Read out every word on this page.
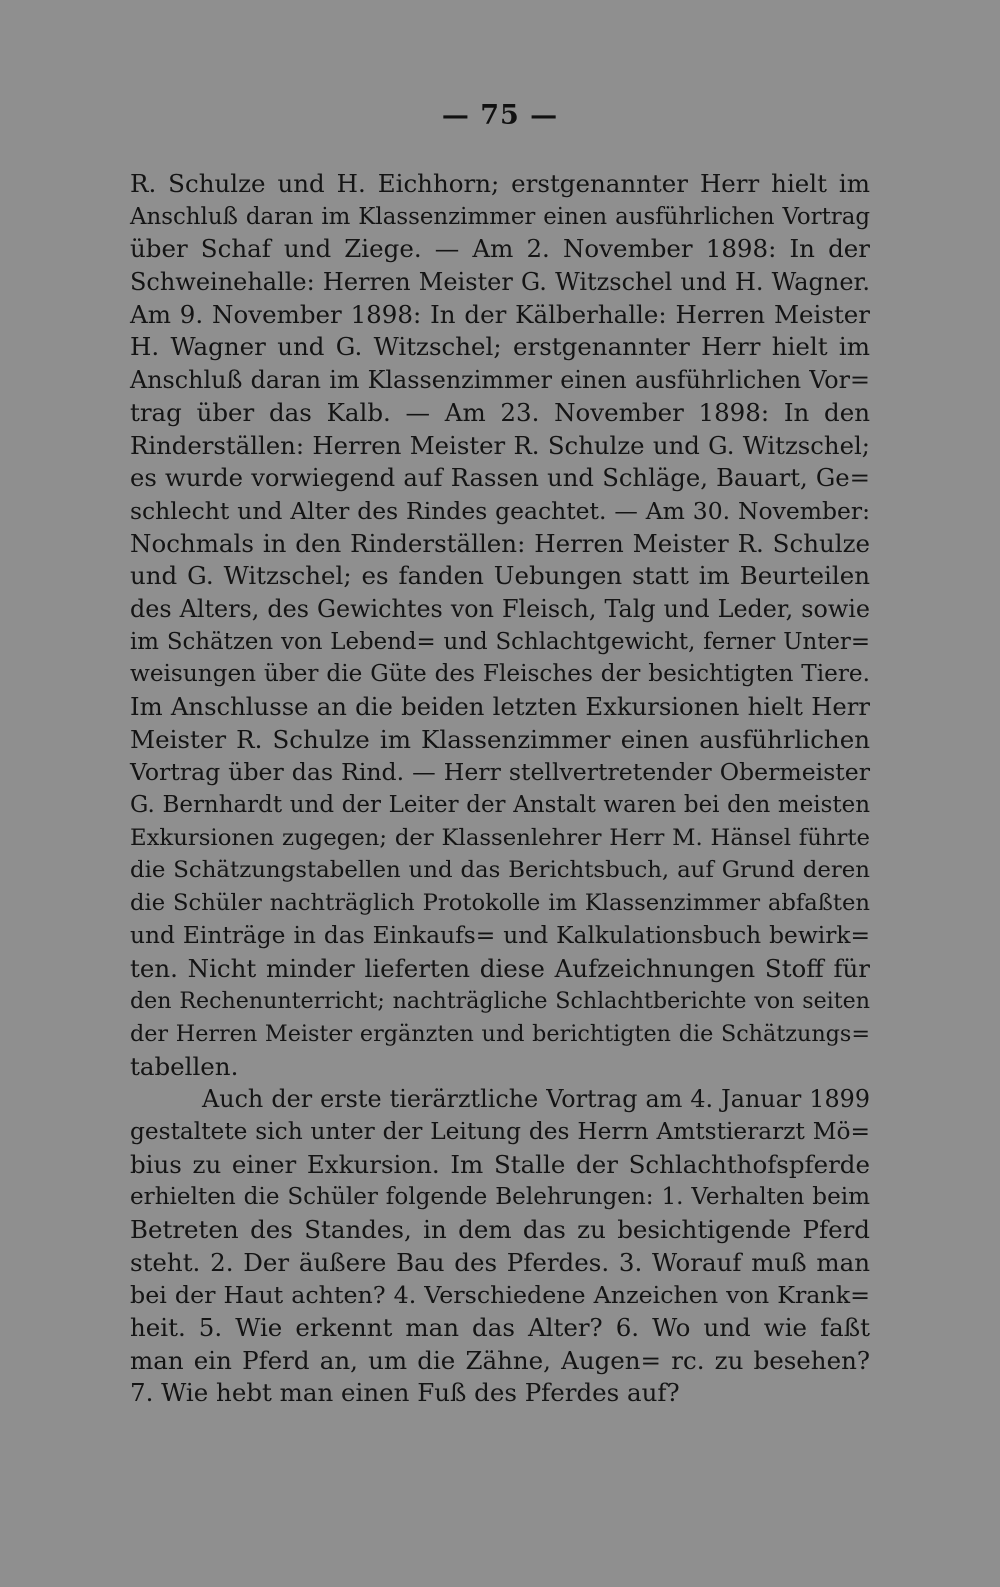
— 75 —
R. Schulze und H. Eichhorn; erstgenannter Herr hielt im
Anschluß daran im Klassenzimmer einen ausführlichen Vortrag
über Schaf und Ziege. — Am 2. November 1898: In der
Schweinehalle: Herren Meister G. Witzschel und H. Wagner.
Am 9. November 1898: In der Kälberhalle: Herren Meister
H. Wagner und G. Witzschel; erstgenannter Herr hielt im
Anschluß daran im Klassenzimmer einen ausführlichen Vor=
trag über das Kalb. — Am 23. November 1898: In den
Rinderställen: Herren Meister R. Schulze und G. Witzschel;
es wurde vorwiegend auf Rassen und Schläge, Bauart, Ge=
schlecht und Alter des Rindes geachtet. — Am 30. November:
Nochmals in den Rinderställen: Herren Meister R. Schulze
und G. Witzschel; es fanden Uebungen statt im Beurteilen
des Alters, des Gewichtes von Fleisch, Talg und Leder, sowie
im Schätzen von Lebend= und Schlachtgewicht, ferner Unter=
weisungen über die Güte des Fleisches der besichtigten Tiere.
Im Anschlusse an die beiden letzten Exkursionen hielt Herr
Meister R. Schulze im Klassenzimmer einen ausführlichen
Vortrag über das Rind. — Herr stellvertretender Obermeister
G. Bernhardt und der Leiter der Anstalt waren bei den meisten
Exkursionen zugegen; der Klassenlehrer Herr M. Hänsel führte
die Schätzungstabellen und das Berichtsbuch, auf Grund deren
die Schüler nachträglich Protokolle im Klassenzimmer abfaßten
und Einträge in das Einkaufs= und Kalkulationsbuch bewirk=
ten. Nicht minder lieferten diese Aufzeichnungen Stoff für
den Rechenunterricht; nachträgliche Schlachtberichte von seiten
der Herren Meister ergänzten und berichtigten die Schätzungs=
tabellen.
Auch der erste tierärztliche Vortrag am 4. Januar 1899
gestaltete sich unter der Leitung des Herrn Amtstierarzt Mö=
bius zu einer Exkursion. Im Stalle der Schlachthofspferde
erhielten die Schüler folgende Belehrungen: 1. Verhalten beim
Betreten des Standes, in dem das zu besichtigende Pferd
steht. 2. Der äußere Bau des Pferdes. 3. Worauf muß man
bei der Haut achten? 4. Verschiedene Anzeichen von Krank=
heit. 5. Wie erkennt man das Alter? 6. Wo und wie faßt
man ein Pferd an, um die Zähne, Augen= rc. zu besehen?
7. Wie hebt man einen Fuß des Pferdes auf?
